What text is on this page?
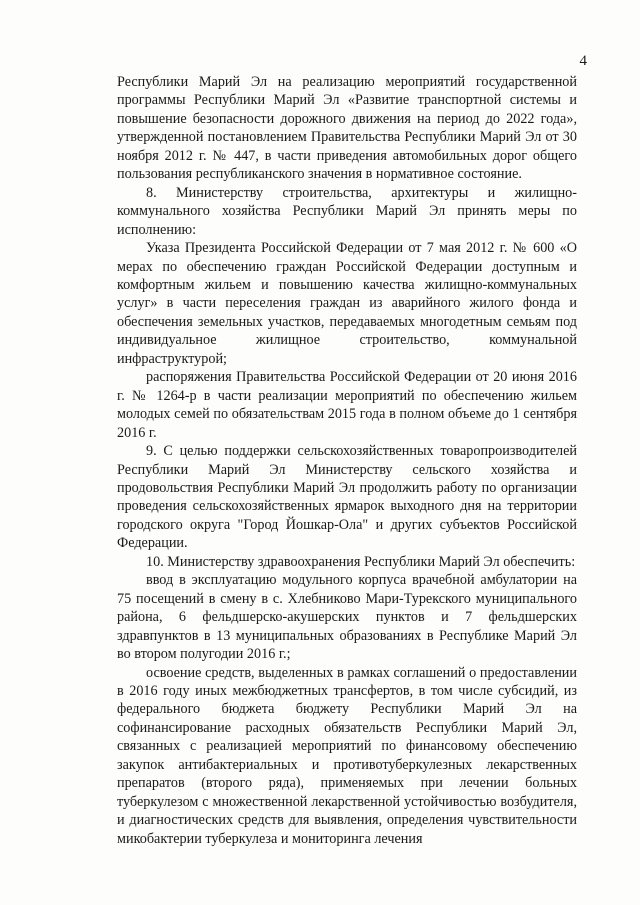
4

Республики Марий Эл на реализацию мероприятий государственной программы Республики Марий Эл «Развитие транспортной системы и повышение безопасности дорожного движения на период до 2022 года», утвержденной постановлением Правительства Республики Марий Эл от 30 ноября 2012 г. № 447, в части приведения автомобильных дорог общего пользования республиканского значения в нормативное состояние.

8. Министерству строительства, архитектуры и жилищно-коммунального хозяйства Республики Марий Эл принять меры по исполнению:

Указа Президента Российской Федерации от 7 мая 2012 г. № 600 «О мерах по обеспечению граждан Российской Федерации доступным и комфортным жильем и повышению качества жилищно-коммунальных услуг» в части переселения граждан из аварийного жилого фонда и обеспечения земельных участков, передаваемых многодетным семьям под индивидуальное жилищное строительство, коммунальной инфраструктурой;

распоряжения Правительства Российской Федерации от 20 июня 2016 г. № 1264-р в части реализации мероприятий по обеспечению жильем молодых семей по обязательствам 2015 года в полном объеме до 1 сентября 2016 г.

9. С целью поддержки сельскохозяйственных товаропроизводителей Республики Марий Эл Министерству сельского хозяйства и продовольствия Республики Марий Эл продолжить работу по организации проведения сельскохозяйственных ярмарок выходного дня на территории городского округа "Город Йошкар-Ола" и других субъектов Российской Федерации.

10. Министерству здравоохранения Республики Марий Эл обеспечить:

ввод в эксплуатацию модульного корпуса врачебной амбулатории на 75 посещений в смену в с. Хлебниково Мари-Турекского муниципального района, 6 фельдшерско-акушерских пунктов и 7 фельдшерских здравпунктов в 13 муниципальных образованиях в Республике Марий Эл во втором полугодии 2016 г.;

освоение средств, выделенных в рамках соглашений о предоставлении в 2016 году иных межбюджетных трансфертов, в том числе субсидий, из федерального бюджета бюджету Республики Марий Эл на софинансирование расходных обязательств Республики Марий Эл, связанных с реализацией мероприятий по финансовому обеспечению закупок антибактериальных и противотуберкулезных лекарственных препаратов (второго ряда), применяемых при лечении больных туберкулезом с множественной лекарственной устойчивостью возбудителя, и диагностических средств для выявления, определения чувствительности микобактерии туберкулеза и мониторинга лечения
